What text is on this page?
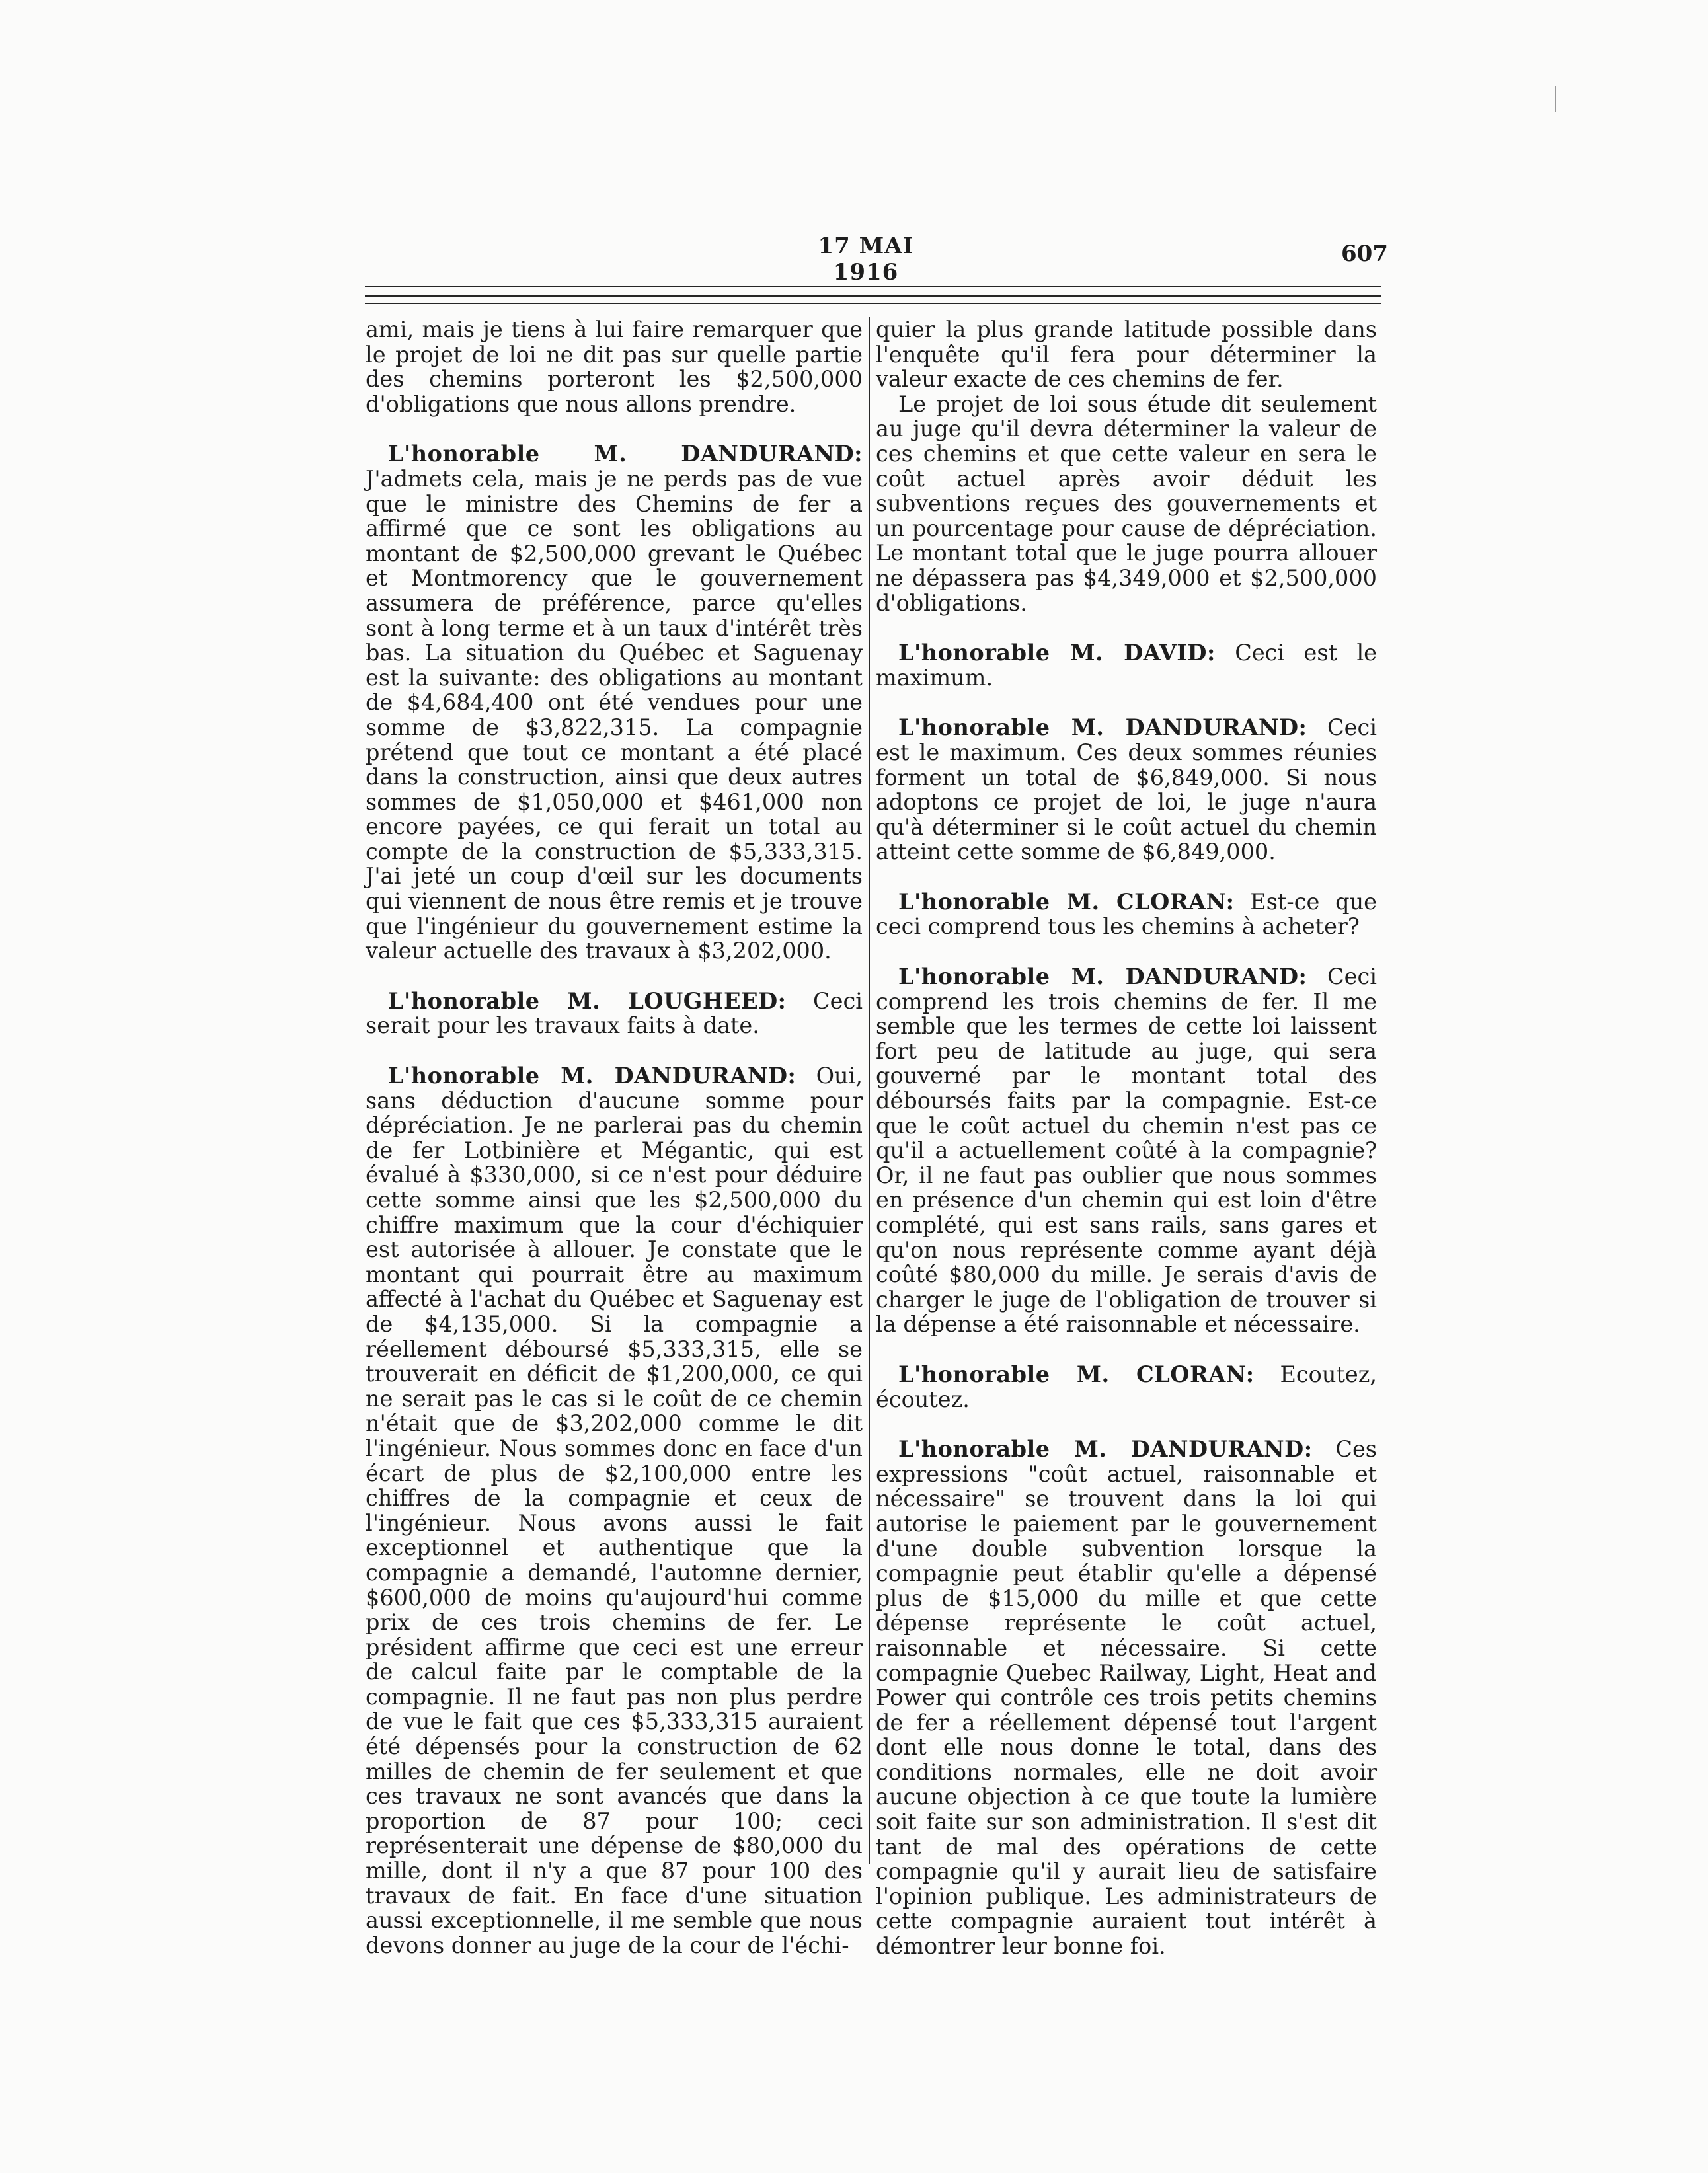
17 MAI 1916
607

ami, mais je tiens à lui faire remarquer que le projet de loi ne dit pas sur quelle partie des chemins porteront les $2,500,000 d'obligations que nous allons prendre.

L'honorable M. DANDURAND: J'admets cela, mais je ne perds pas de vue que le ministre des Chemins de fer a affirmé que ce sont les obligations au montant de $2,500,000 grevant le Québec et Montmorency que le gouvernement assumera de préférence, parce qu'elles sont à long terme et à un taux d'intérêt très bas. La situation du Québec et Saguenay est la suivante: des obligations au montant de $4,684,400 ont été vendues pour une somme de $3,822,315. La compagnie prétend que tout ce montant a été placé dans la construction, ainsi que deux autres sommes de $1,050,000 et $461,000 non encore payées, ce qui ferait un total au compte de la construction de $5,333,315. J'ai jeté un coup d'œil sur les documents qui viennent de nous être remis et je trouve que l'ingénieur du gouvernement estime la valeur actuelle des travaux à $3,202,000.

L'honorable M. LOUGHEED: Ceci serait pour les travaux faits à date.

L'honorable M. DANDURAND: Oui, sans déduction d'aucune somme pour dépréciation. Je ne parlerai pas du chemin de fer Lotbinière et Mégantic, qui est évalué à $330,000, si ce n'est pour déduire cette somme ainsi que les $2,500,000 du chiffre maximum que la cour d'échiquier est autorisée à allouer. Je constate que le montant qui pourrait être au maximum affecté à l'achat du Québec et Saguenay est de $4,135,000. Si la compagnie a réellement déboursé $5,333,315, elle se trouverait en déficit de $1,200,000, ce qui ne serait pas le cas si le coût de ce chemin n'était que de $3,202,000 comme le dit l'ingénieur. Nous sommes donc en face d'un écart de plus de $2,100,000 entre les chiffres de la compagnie et ceux de l'ingénieur. Nous avons aussi le fait exceptionnel et authentique que la compagnie a demandé, l'automne dernier, $600,000 de moins qu'aujourd'hui comme prix de ces trois chemins de fer. Le président affirme que ceci est une erreur de calcul faite par le comptable de la compagnie. Il ne faut pas non plus perdre de vue le fait que ces $5,333,315 auraient été dépensés pour la construction de 62 milles de chemin de fer seulement et que ces travaux ne sont avancés que dans la proportion de 87 pour 100; ceci représenterait une dépense de $80,000 du mille, dont il n'y a que 87 pour 100 des travaux de fait. En face d'une situation aussi exceptionnelle, il me semble que nous devons donner au juge de la cour de l'échi-

quier la plus grande latitude possible dans l'enquête qu'il fera pour déterminer la valeur exacte de ces chemins de fer.

Le projet de loi sous étude dit seulement au juge qu'il devra déterminer la valeur de ces chemins et que cette valeur en sera le coût actuel après avoir déduit les subventions reçues des gouvernements et un pourcentage pour cause de dépréciation. Le montant total que le juge pourra allouer ne dépassera pas $4,349,000 et $2,500,000 d'obligations.

L'honorable M. DAVID: Ceci est le maximum.

L'honorable M. DANDURAND: Ceci est le maximum. Ces deux sommes réunies forment un total de $6,849,000. Si nous adoptons ce projet de loi, le juge n'aura qu'à déterminer si le coût actuel du chemin atteint cette somme de $6,849,000.

L'honorable M. CLORAN: Est-ce que ceci comprend tous les chemins à acheter?

L'honorable M. DANDURAND: Ceci comprend les trois chemins de fer. Il me semble que les termes de cette loi laissent fort peu de latitude au juge, qui sera gouverné par le montant total des déboursés faits par la compagnie. Est-ce que le coût actuel du chemin n'est pas ce qu'il a actuellement coûté à la compagnie? Or, il ne faut pas oublier que nous sommes en présence d'un chemin qui est loin d'être complété, qui est sans rails, sans gares et qu'on nous représente comme ayant déjà coûté $80,000 du mille. Je serais d'avis de charger le juge de l'obligation de trouver si la dépense a été raisonnable et nécessaire.

L'honorable M. CLORAN: Ecoutez, écoutez.

L'honorable M. DANDURAND: Ces expressions "coût actuel, raisonnable et nécessaire" se trouvent dans la loi qui autorise le paiement par le gouvernement d'une double subvention lorsque la compagnie peut établir qu'elle a dépensé plus de $15,000 du mille et que cette dépense représente le coût actuel, raisonnable et nécessaire. Si cette compagnie Quebec Railway, Light, Heat and Power qui contrôle ces trois petits chemins de fer a réellement dépensé tout l'argent dont elle nous donne le total, dans des conditions normales, elle ne doit avoir aucune objection à ce que toute la lumière soit faite sur son administration. Il s'est dit tant de mal des opérations de cette compagnie qu'il y aurait lieu de satisfaire l'opinion publique. Les administrateurs de cette compagnie auraient tout intérêt à démontrer leur bonne foi.
